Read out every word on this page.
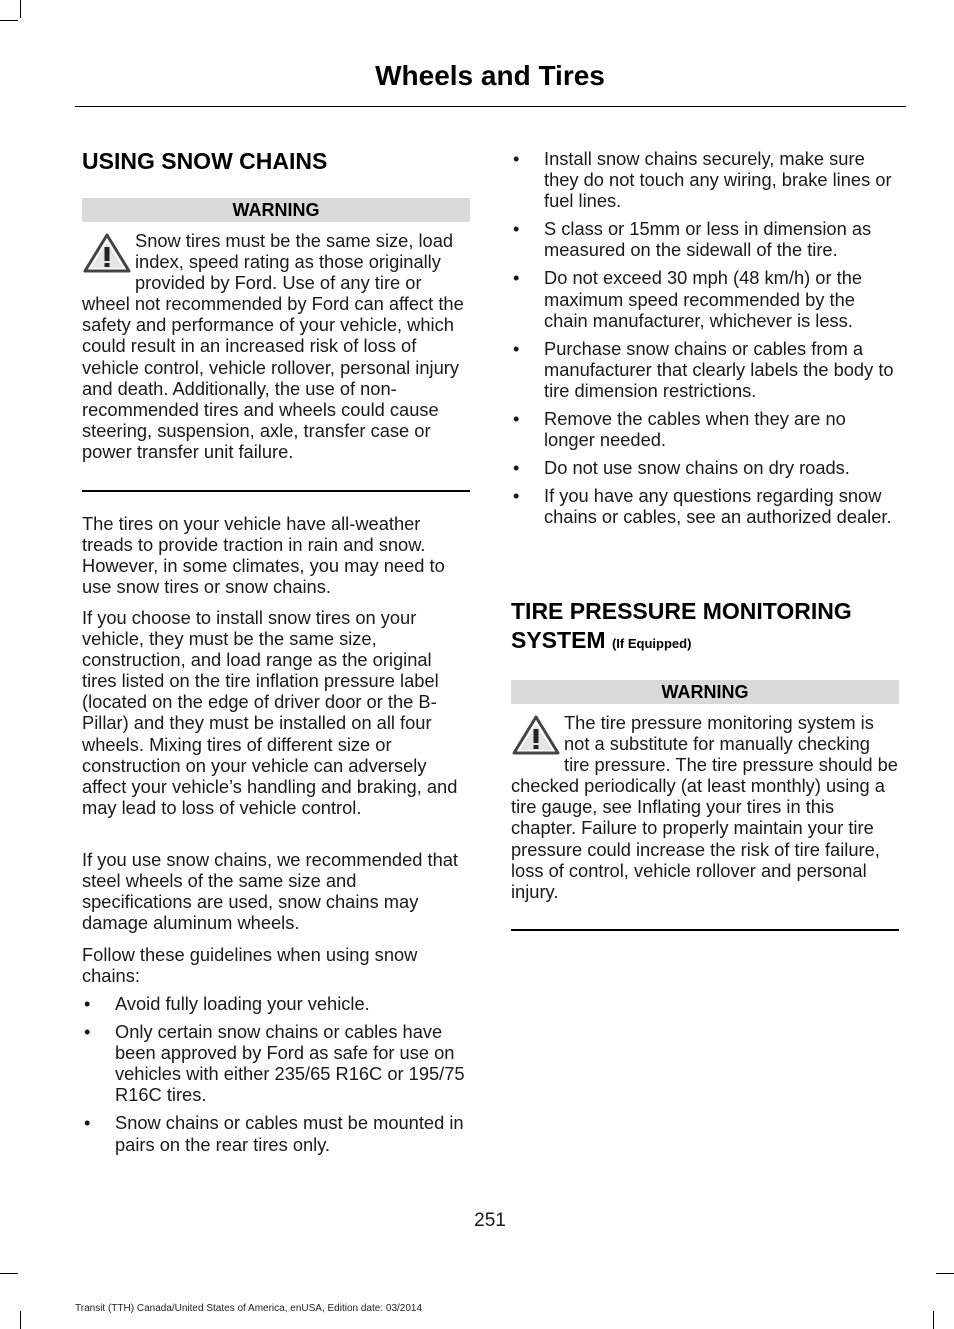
Wheels and Tires
USING SNOW CHAINS
WARNING

Snow tires must be the same size, load index, speed rating as those originally provided by Ford. Use of any tire or wheel not recommended by Ford can affect the safety and performance of your vehicle, which could result in an increased risk of loss of vehicle control, vehicle rollover, personal injury and death. Additionally, the use of non-recommended tires and wheels could cause steering, suspension, axle, transfer case or power transfer unit failure.

The tires on your vehicle have all-weather treads to provide traction in rain and snow. However, in some climates, you may need to use snow tires or snow chains.

If you choose to install snow tires on your vehicle, they must be the same size, construction, and load range as the original tires listed on the tire inflation pressure label (located on the edge of driver door or the B-Pillar) and they must be installed on all four wheels. Mixing tires of different size or construction on your vehicle can adversely affect your vehicle’s handling and braking, and may lead to loss of vehicle control.

If you use snow chains, we recommended that steel wheels of the same size and specifications are used, snow chains may damage aluminum wheels.

Follow these guidelines when using snow chains:

• Avoid fully loading your vehicle.
• Only certain snow chains or cables have been approved by Ford as safe for use on vehicles with either 235/65 R16C or 195/75 R16C tires.
• Snow chains or cables must be mounted in pairs on the rear tires only.
• Install snow chains securely, make sure they do not touch any wiring, brake lines or fuel lines.
• S class or 15mm or less in dimension as measured on the sidewall of the tire.
• Do not exceed 30 mph (48 km/h) or the maximum speed recommended by the chain manufacturer, whichever is less.
• Purchase snow chains or cables from a manufacturer that clearly labels the body to tire dimension restrictions.
• Remove the cables when they are no longer needed.
• Do not use snow chains on dry roads.
• If you have any questions regarding snow chains or cables, see an authorized dealer.
TIRE PRESSURE MONITORING
SYSTEM (If Equipped)
WARNING

The tire pressure monitoring system is not a substitute for manually checking tire pressure. The tire pressure should be checked periodically (at least monthly) using a tire gauge, see Inflating your tires in this chapter. Failure to properly maintain your tire pressure could increase the risk of tire failure, loss of control, vehicle rollover and personal injury.

251
Transit (TTH) Canada/United States of America, enUSA, Edition date: 03/2014
